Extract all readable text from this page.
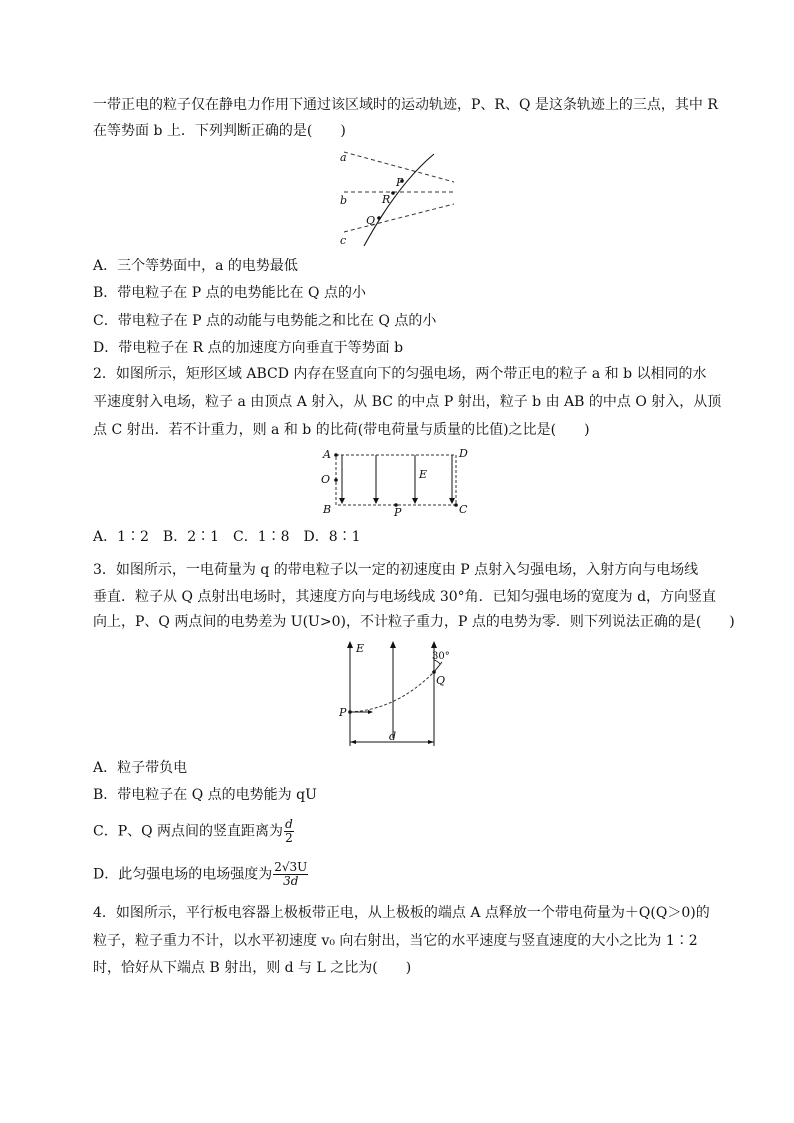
一带正电的粒子仅在静电力作用下通过该区域时的运动轨迹，P、R、Q 是这条轨迹上的三点，其中 R
在等势面 b 上．下列判断正确的是(　　)
a
b
c
P
R
Q
A．三个等势面中，a 的电势最低
B．带电粒子在 P 点的电势能比在 Q 点的小
C．带电粒子在 P 点的动能与电势能之和比在 Q 点的小
D．带电粒子在 R 点的加速度方向垂直于等势面 b
2．如图所示，矩形区域 ABCD 内存在竖直向下的匀强电场，两个带正电的粒子 a 和 b 以相同的水
平速度射入电场，粒子 a 由顶点 A 射入，从 BC 的中点 P 射出，粒子 b 由 AB 的中点 O 射入，从顶
点 C 射出．若不计重力，则 a 和 b 的比荷(带电荷量与质量的比值)之比是(　　)
A
O
B	P	C
D
E
A．1∶2　B．2∶1　C．1∶8　D．8∶1
3．如图所示，一电荷量为 q 的带电粒子以一定的初速度由 P 点射入匀强电场，入射方向与电场线
垂直．粒子从 Q 点射出电场时，其速度方向与电场线成 30°角．已知匀强电场的宽度为 d，方向竖直
向上，P、Q 两点间的电势差为 U(U>0)，不计粒子重力，P 点的电势为零．则下列说法正确的是(　　)
E
P
Q
30°
d
A．粒子带负电
B．带电粒子在 Q 点的电势能为 qU
C．P、Q 两点间的竖直距离为 $\frac{d}{2}$
D．此匀强电场的电场强度为 $\frac{2√3U}{3d}$
4．如图所示，平行板电容器上极板带正电，从上极板的端点 A 点释放一个带电荷量为＋Q(Q＞0)的
粒子，粒子重力不计，以水平初速度 v₀ 向右射出，当它的水平速度与竖直速度的大小之比为 1∶2
时，恰好从下端点 B 射出，则 d 与 L 之比为(　　)
